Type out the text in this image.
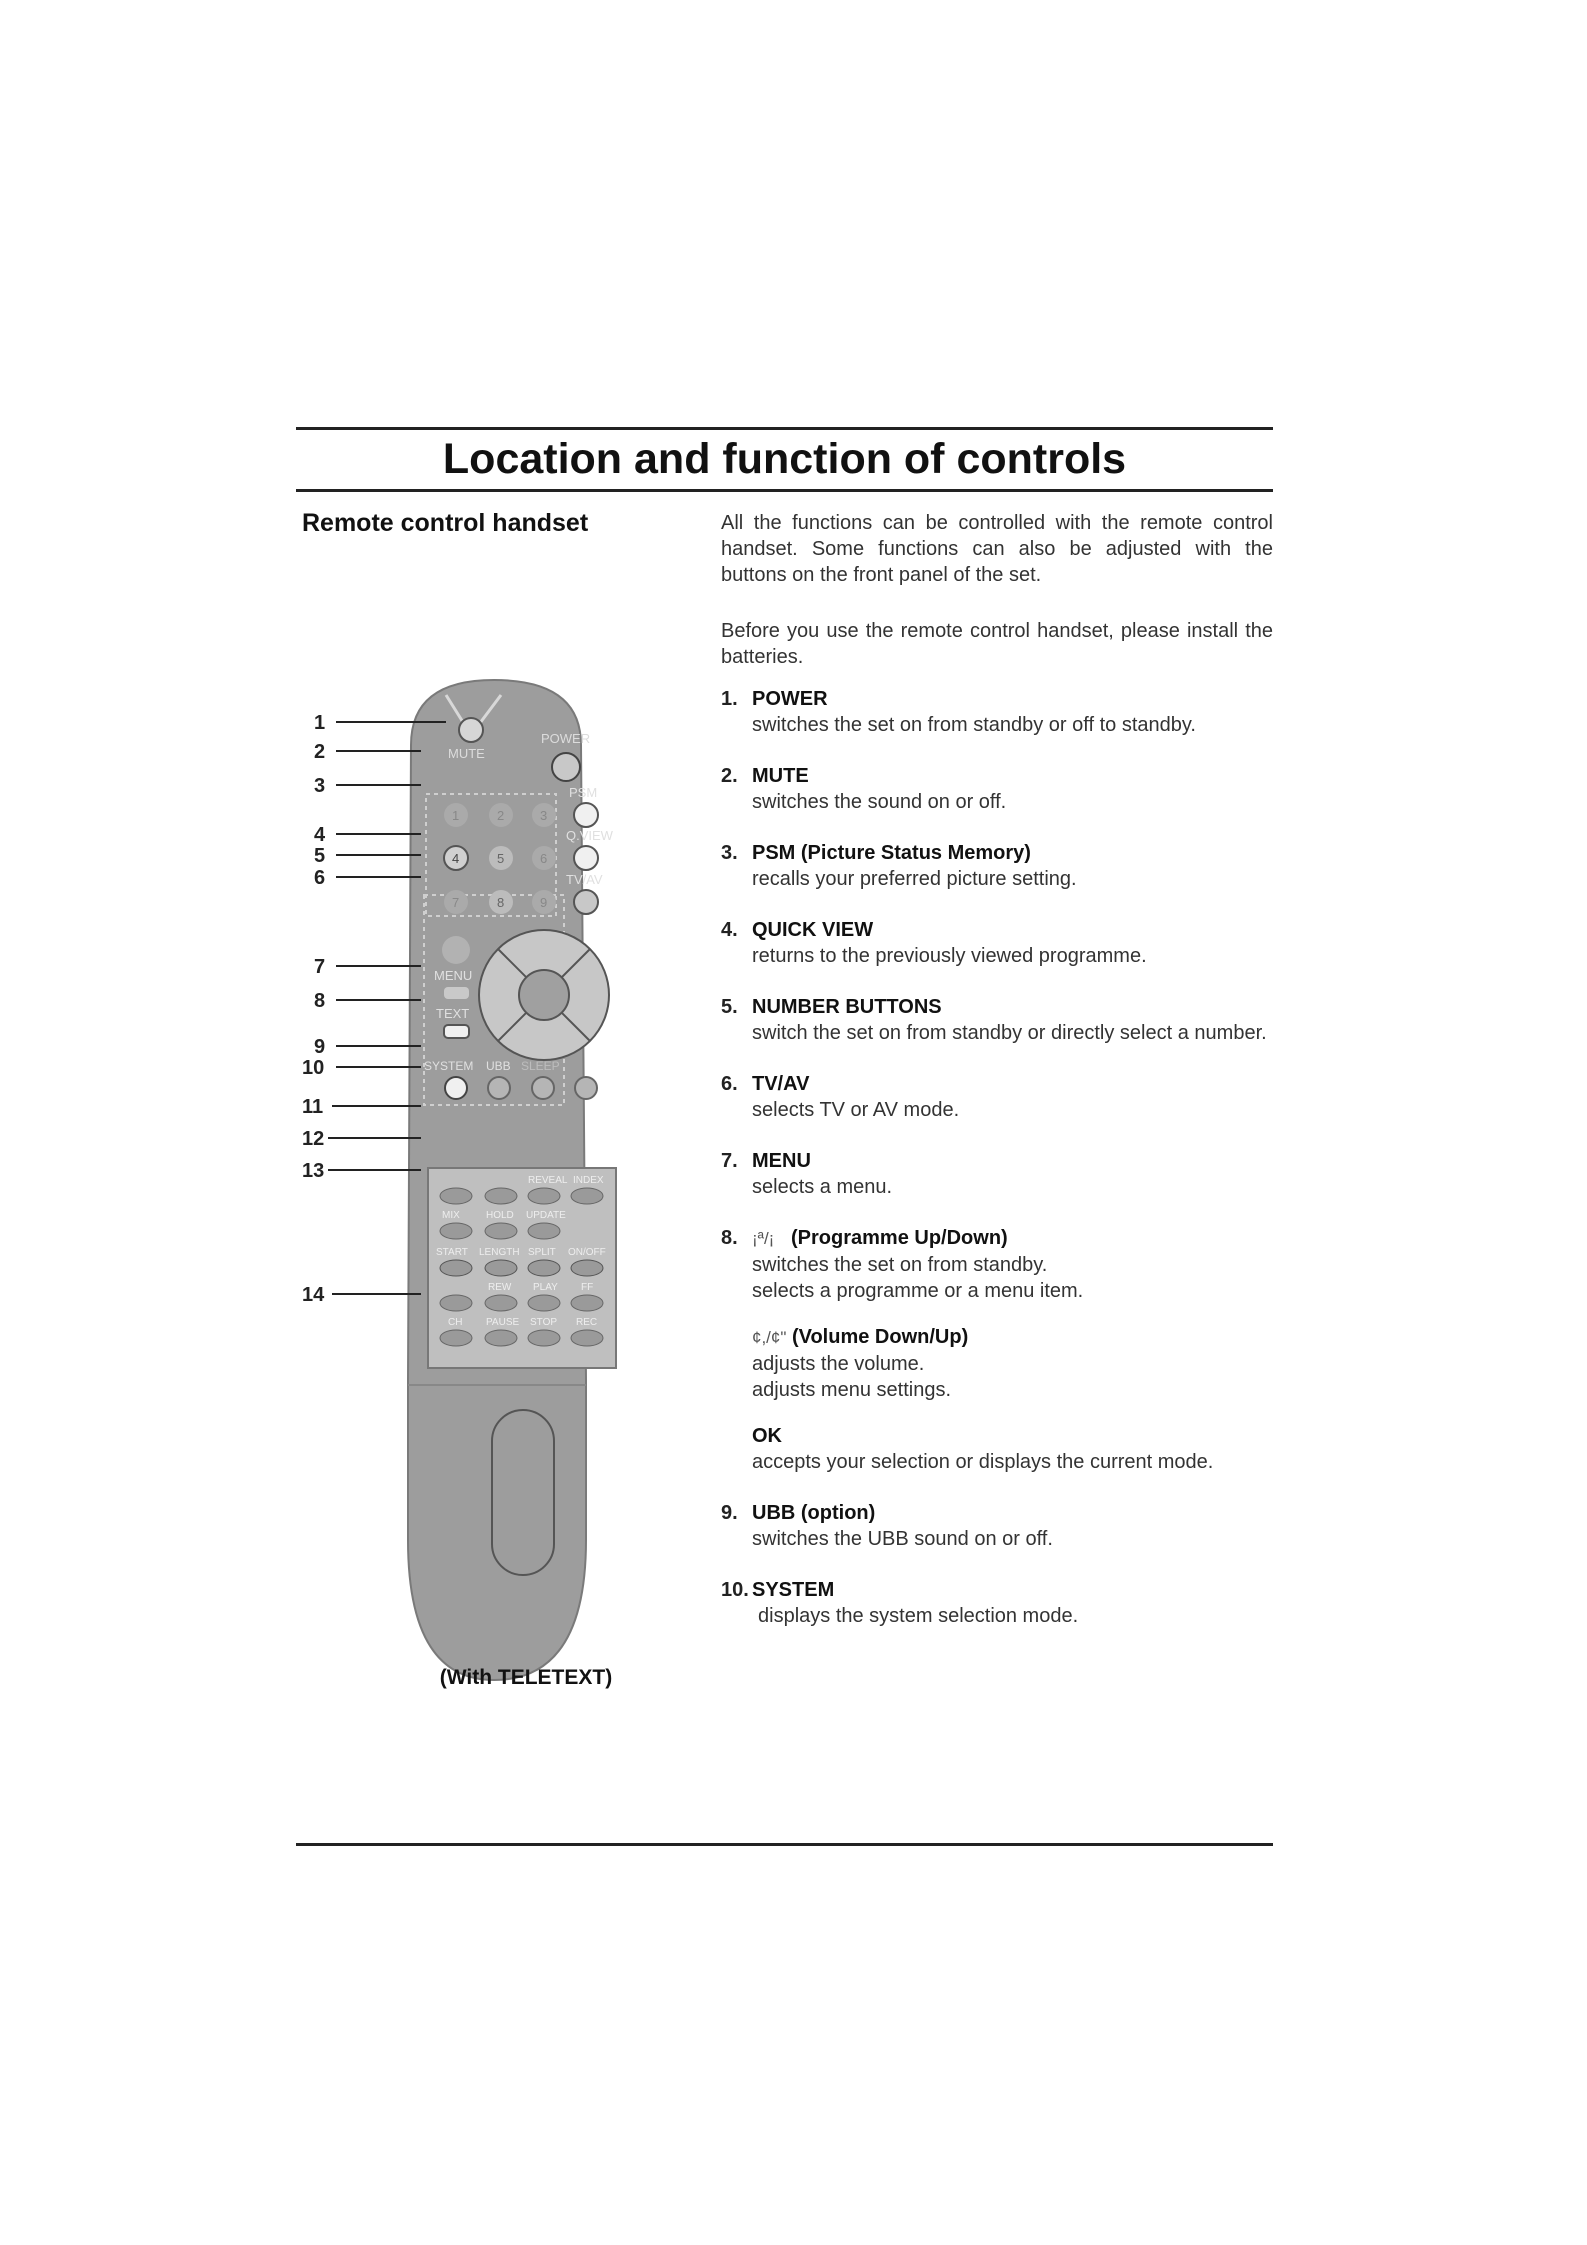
Location and function of controls
Remote control handset	All the functions can be controlled with the remote control handset. Some functions can also be adjusted with the buttons on the front panel of the set.

Before you use the remote control handset, please install the batteries.

1. POWER
switches the set on from standby or off to standby.
2. MUTE
switches the sound on or off.
3. PSM (Picture Status Memory)
recalls your preferred picture setting.
4. QUICK VIEW
returns to the previously viewed programme.
5. NUMBER BUTTONS
switch the set on from standby or directly select a number.
6. TV/AV
selects TV or AV mode.
7. MENU
selects a menu.
8. ¡ª/¡ (Programme Up/Down)
switches the set on from standby.
selects a programme or a menu item.
¢,/¢" (Volume Down/Up)
adjusts the volume.
adjusts menu settings.
OK
accepts your selection or displays the current mode.
9. UBB (option)
switches the UBB sound on or off.
10. SYSTEM
displays the system selection mode.
MUTE
POWER
1	2	3
4	5	6
7	8	9
PSM
Q.VIEW
TV/AV
MENU
TEXT
SYSTEM UBB SLEEP
REVEAL INDEX
MIX	HOLD UPDATE
START LENGTH SPLIT ON/OFF
REW PLAY FF
CH PAUSE STOP REC
1
2
3
4
5
6
7
8
9
10
11
12
13
14
(With TELETEXT)
